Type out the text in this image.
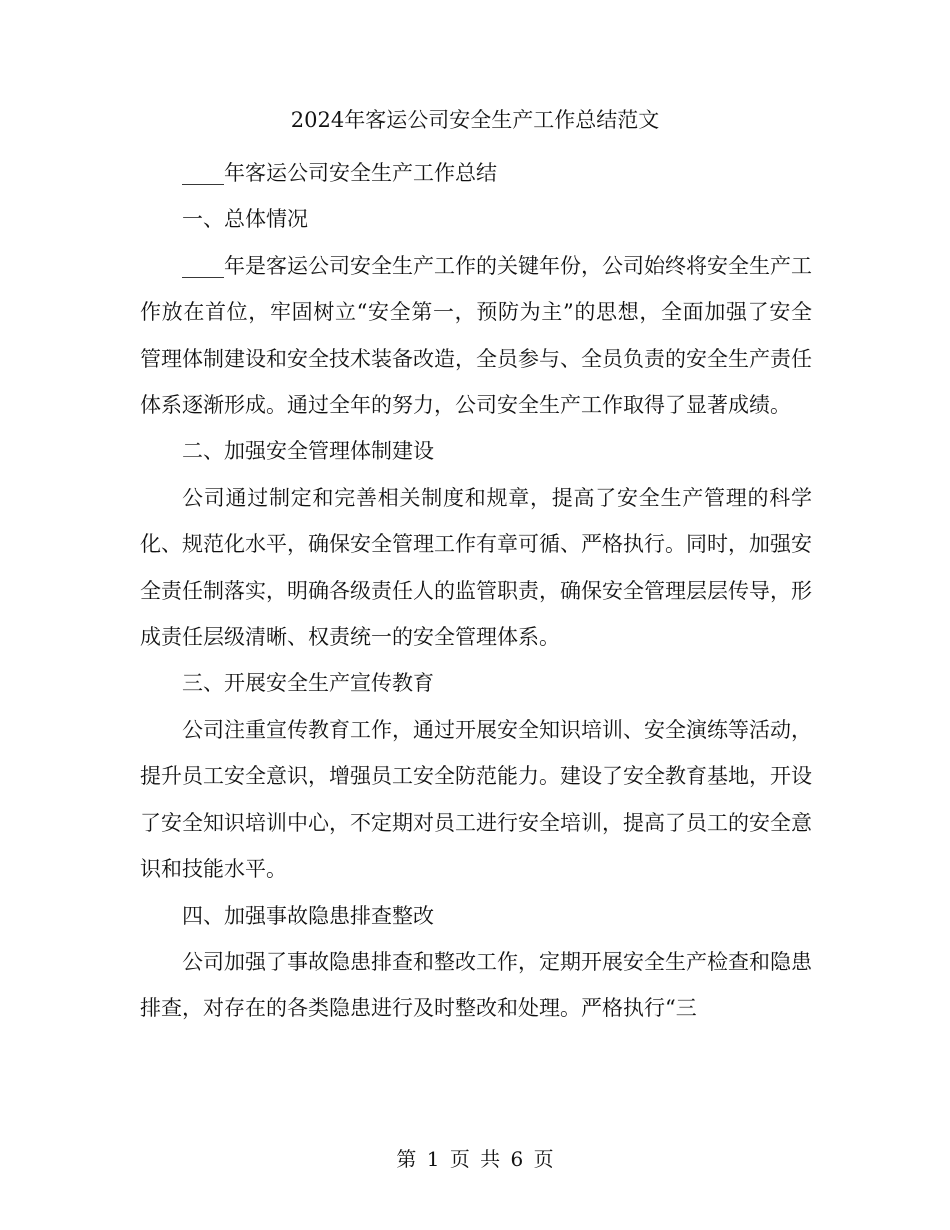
2024年客运公司安全生产工作总结范文

____年客运公司安全生产工作总结

一、总体情况

____年是客运公司安全生产工作的关键年份，公司始终将安全生产工作放在首位，牢固树立“安全第一，预防为主”的思想，全面加强了安全管理体制建设和安全技术装备改造，全员参与、全员负责的安全生产责任体系逐渐形成。通过全年的努力，公司安全生产工作取得了显著成绩。

二、加强安全管理体制建设

公司通过制定和完善相关制度和规章，提高了安全生产管理的科学化、规范化水平，确保安全管理工作有章可循、严格执行。同时，加强安全责任制落实，明确各级责任人的监管职责，确保安全管理层层传导，形成责任层级清晰、权责统一的安全管理体系。

三、开展安全生产宣传教育

公司注重宣传教育工作，通过开展安全知识培训、安全演练等活动，提升员工安全意识，增强员工安全防范能力。建设了安全教育基地，开设了安全知识培训中心，不定期对员工进行安全培训，提高了员工的安全意识和技能水平。

四、加强事故隐患排查整改

公司加强了事故隐患排查和整改工作，定期开展安全生产检查和隐患排查，对存在的各类隐患进行及时整改和处理。严格执行“三

第 1 页 共 6 页
